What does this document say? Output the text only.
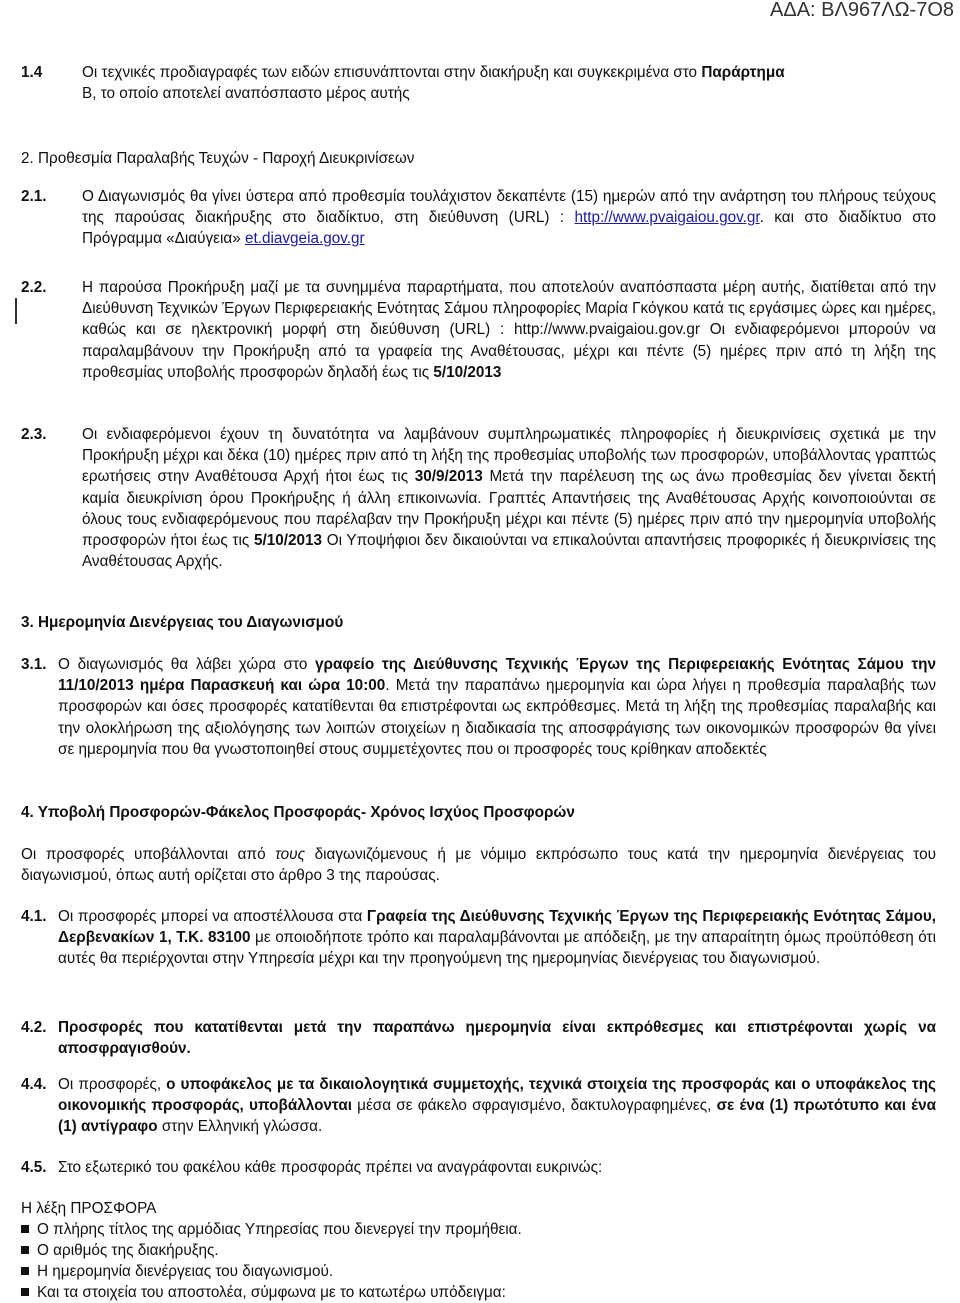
ΑΔΑ: ΒΛ967ΛΩ-7Ο8
1.4	Οι τεχνικές προδιαγραφές των ειδών επισυνάπτονται στην διακήρυξη και συγκεκριμένα στο Παράρτημα
Β, το οποίο αποτελεί αναπόσπαστο μέρος αυτής
2. Προθεσμία Παραλαβής Τευχών - Παροχή Διευκρινίσεων
2.1. Ο Διαγωνισμός θα γίνει ύστερα από προθεσμία τουλάχιστον δεκαπέντε (15) ημερών από την ανάρτηση του πλήρους τεύχους της παρούσας διακήρυξης στο διαδίκτυο, στη διεύθυνση (URL) : http://www.pvaigaiou.gov.gr. και στο διαδίκτυο στο Πρόγραμμα «Διαύγεια» et.diavgeia.gov.gr
2.2. Η παρούσα Προκήρυξη μαζί με τα συνημμένα παραρτήματα, που αποτελούν αναπόσπαστα μέρη αυτής, διατίθεται από την Διεύθυνση Τεχνικών Έργων Περιφερειακής Ενότητας Σάμου πληροφορίες Μαρία Γκόγκου κατά τις εργάσιμες ώρες και ημέρες, καθώς και σε ηλεκτρονική μορφή στη διεύθυνση (URL) : http://www.pvaigaiou.gov.gr Οι ενδιαφερόμενοι μπορούν να παραλαμβάνουν την Προκήρυξη από τα γραφεία της Αναθέτουσας, μέχρι και πέντε (5) ημέρες πριν από τη λήξη της προθεσμίας υποβολής προσφορών δηλαδή έως τις 5/10/2013
2.3. Οι ενδιαφερόμενοι έχουν τη δυνατότητα να λαμβάνουν συμπληρωματικές πληροφορίες ή διευκρινίσεις σχετικά με την Προκήρυξη μέχρι και δέκα (10) ημέρες πριν από τη λήξη της προθεσμίας υποβολής των προσφορών, υποβάλλοντας γραπτώς ερωτήσεις στην Αναθέτουσα Αρχή ήτοι έως τις 30/9/2013 Μετά την παρέλευση της ως άνω προθεσμίας δεν γίνεται δεκτή καμία διευκρίνιση όρου Προκήρυξης ή άλλη επικοινωνία. Γραπτές Απαντήσεις της Αναθέτουσας Αρχής κοινοποιούνται σε όλους τους ενδιαφερόμενους που παρέλαβαν την Προκήρυξη μέχρι και πέντε (5) ημέρες πριν από την ημερομηνία υποβολής προσφορών ήτοι έως τις 5/10/2013 Οι Υποψήφιοι δεν δικαιούνται να επικαλούνται απαντήσεις προφορικές ή διευκρινίσεις της Αναθέτουσας Αρχής.
3. Ημερομηνία Διενέργειας του Διαγωνισμού
3.1. Ο διαγωνισμός θα λάβει χώρα στο γραφείο της Διεύθυνσης Τεχνικής Έργων της Περιφερειακής Ενότητας Σάμου την 11/10/2013 ημέρα Παρασκευή και ώρα 10:00. Μετά την παραπάνω ημερομηνία και ώρα λήγει η προθεσμία παραλαβής των προσφορών και όσες προσφορές κατατίθενται θα επιστρέφονται ως εκπρόθεσμες. Μετά τη λήξη της προθεσμίας παραλαβής και την ολοκλήρωση της αξιολόγησης των λοιπών στοιχείων η διαδικασία της αποσφράγισης των οικονομικών προσφορών θα γίνει σε ημερομηνία που θα γνωστοποιηθεί στους συμμετέχοντες που οι προσφορές τους κρίθηκαν αποδεκτές
4. Υποβολή Προσφορών-Φάκελος Προσφοράς- Χρόνος Ισχύος Προσφορών
Οι προσφορές υποβάλλονται από τους διαγωνιζόμενους ή με νόμιμο εκπρόσωπο τους κατά την ημερομηνία διενέργειας του διαγωνισμού, όπως αυτή ορίζεται στο άρθρο 3 της παρούσας.
4.1. Οι προσφορές μπορεί να αποστέλλουσα στα Γραφεία της Διεύθυνσης Τεχνικής Έργων της Περιφερειακής Ενότητας Σάμου, Δερβενακίων 1, Τ.Κ. 83100 με οποιοδήποτε τρόπο και παραλαμβάνονται με απόδειξη, με την απαραίτητη όμως προϋπόθεση ότι αυτές θα περιέρχονται στην Υπηρεσία μέχρι και την προηγούμενη της ημερομηνίας διενέργειας του διαγωνισμού.
4.2. Προσφορές που κατατίθενται μετά την παραπάνω ημερομηνία είναι εκπρόθεσμες και επιστρέφονται χωρίς να αποσφραγισθούν.
4.4. Οι προσφορές, ο υποφάκελος με τα δικαιολογητικά συμμετοχής, τεχνικά στοιχεία της προσφοράς και ο υποφάκελος της οικονομικής προσφοράς, υποβάλλονται μέσα σε φάκελο σφραγισμένο, δακτυλογραφημένες, σε ένα (1) πρωτότυπο και ένα (1) αντίγραφο στην Ελληνική γλώσσα.
4.5. Στο εξωτερικό του φακέλου κάθε προσφοράς πρέπει να αναγράφονται ευκρινώς:
Η λέξη ΠΡΟΣΦΟΡΑ
Ο πλήρης τίτλος της αρμόδιας Υπηρεσίας που διενεργεί την προμήθεια.
Ο αριθμός της διακήρυξης.
Η ημερομηνία διενέργειας του διαγωνισμού.
Και τα στοιχεία του αποστολέα, σύμφωνα με το κατωτέρω υπόδειγμα:
